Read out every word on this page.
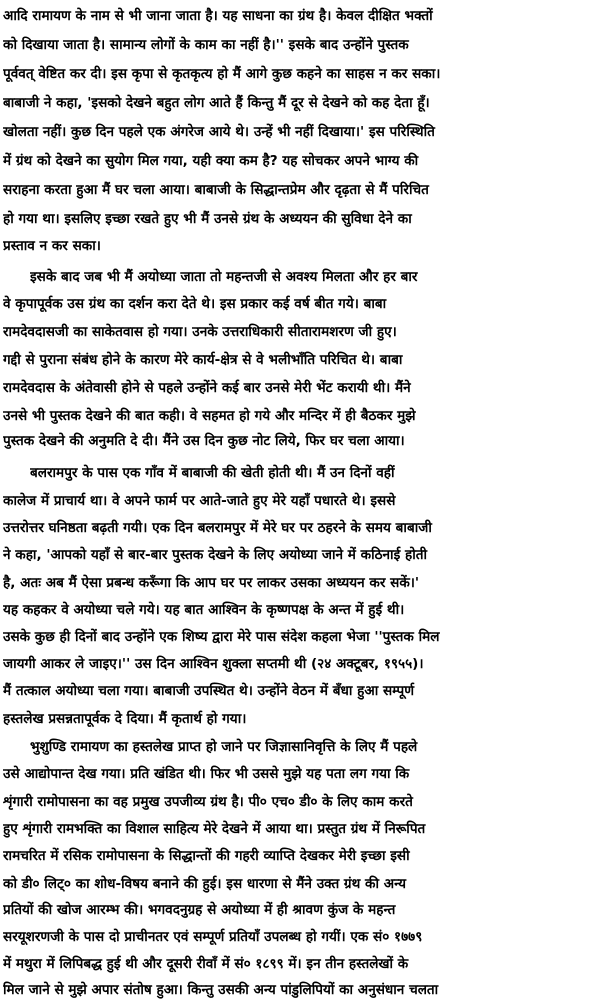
आदि रामायण के नाम से भी जाना जाता है। यह साधना का ग्रंथ है। केवल दीक्षित भक्तों
को दिखाया जाता है। सामान्य लोगों के काम का नहीं है।'' इसके बाद उन्होंने पुस्तक
पूर्ववत् वेष्टित कर दी। इस कृपा से कृतकृत्य हो मैं आगे कुछ कहने का साहस न कर सका।
बाबाजी ने कहा, 'इसको देखने बहुत लोग आते हैं किन्तु मैं दूर से देखने को कह देता हूँ।
खोलता नहीं। कुछ दिन पहले एक अंगरेज आये थे। उन्हें भी नहीं दिखाया।' इस परिस्थिति
में ग्रंथ को देखने का सुयोग मिल गया, यही क्या कम है? यह सोचकर अपने भाग्य की
सराहना करता हुआ मैं घर चला आया। बाबाजी के सिद्धान्तप्रेम और दृढ़ता से मैं परिचित
हो गया था। इसलिए इच्छा रखते हुए भी मैं उनसे ग्रंथ के अध्ययन की सुविधा देने का
प्रस्ताव न कर सका।
इसके बाद जब भी मैं अयोध्या जाता तो महन्तजी से अवश्य मिलता और हर बार
वे कृपापूर्वक उस ग्रंथ का दर्शन करा देते थे। इस प्रकार कई वर्ष बीत गये। बाबा
रामदेवदासजी का साकेतवास हो गया। उनके उत्तराधिकारी सीतारामशरण जी हुए।
गद्दी से पुराना संबंध होने के कारण मेरे कार्य-क्षेत्र से वे भलीभाँति परिचित थे। बाबा
रामदेवदास के अंतेवासी होने से पहले उन्होंने कई बार उनसे मेरी भेंट करायी थी। मैंने
उनसे भी पुस्तक देखने की बात कही। वे सहमत हो गये और मन्दिर में ही बैठकर मुझे
पुस्तक देखने की अनुमति दे दी। मैंने उस दिन कुछ नोट लिये, फिर घर चला आया।
बलरामपुर के पास एक गाँव में बाबाजी की खेती होती थी। मैं उन दिनों वहीं
कालेज में प्राचार्य था। वे अपने फार्म पर आते-जाते हुए मेरे यहाँ पधारते थे। इससे
उत्तरोत्तर घनिष्ठता बढ़ती गयी। एक दिन बलरामपुर में मेरे घर पर ठहरने के समय बाबाजी
ने कहा, 'आपको यहाँ से बार-बार पुस्तक देखने के लिए अयोध्या जाने में कठिनाई होती
है, अतः अब मैं ऐसा प्रबन्ध करूँगा कि आप घर पर लाकर उसका अध्ययन कर सकें।'
यह कहकर वे अयोध्या चले गये। यह बात आश्विन के कृष्णपक्ष के अन्त में हुई थी।
उसके कुछ ही दिनों बाद उन्होंने एक शिष्य द्वारा मेरे पास संदेश कहला भेजा ''पुस्तक मिल
जायगी आकर ले जाइए।'' उस दिन आश्विन शुक्ला सप्तमी थी (२४ अक्टूबर, १९५५)।
मैं तत्काल अयोध्या चला गया। बाबाजी उपस्थित थे। उन्होंने वेठन में बँधा हुआ सम्पूर्ण
हस्तलेख प्रसन्नतापूर्वक दे दिया। मैं कृतार्थ हो गया।
भुशुण्डि रामायण का हस्तलेख प्राप्त हो जाने पर जिज्ञासानिवृत्ति के लिए मैं पहले
उसे आद्योपान्त देख गया। प्रति खंडित थी। फिर भी उससे मुझे यह पता लग गया कि
शृंगारी रामोपासना का वह प्रमुख उपजीव्य ग्रंथ है। पी० एच० डी० के लिए काम करते
हुए शृंगारी रामभक्ति का विशाल साहित्य मेरे देखने में आया था। प्रस्तुत ग्रंथ में निरूपित
रामचरित में रसिक रामोपासना के सिद्धान्तों की गहरी व्याप्ति देखकर मेरी इच्छा इसी
को डी० लिट्० का शोध-विषय बनाने की हुई। इस धारणा से मैंने उक्त ग्रंथ की अन्य
प्रतियों की खोज आरम्भ की। भगवदनुग्रह से अयोध्या में ही श्रावण कुंज के महन्त
सरयूशरणजी के पास दो प्राचीनतर एवं सम्पूर्ण प्रतियाँ उपलब्ध हो गयीं। एक सं० १७७९
में मथुरा में लिपिबद्ध हुई थी और दूसरी रीवाँ में सं० १८९९ में। इन तीन हस्तलेखों के
मिल जाने से मुझे अपार संतोष हुआ। किन्तु उसकी अन्य पांडुलिपियों का अनुसंधान चलता
